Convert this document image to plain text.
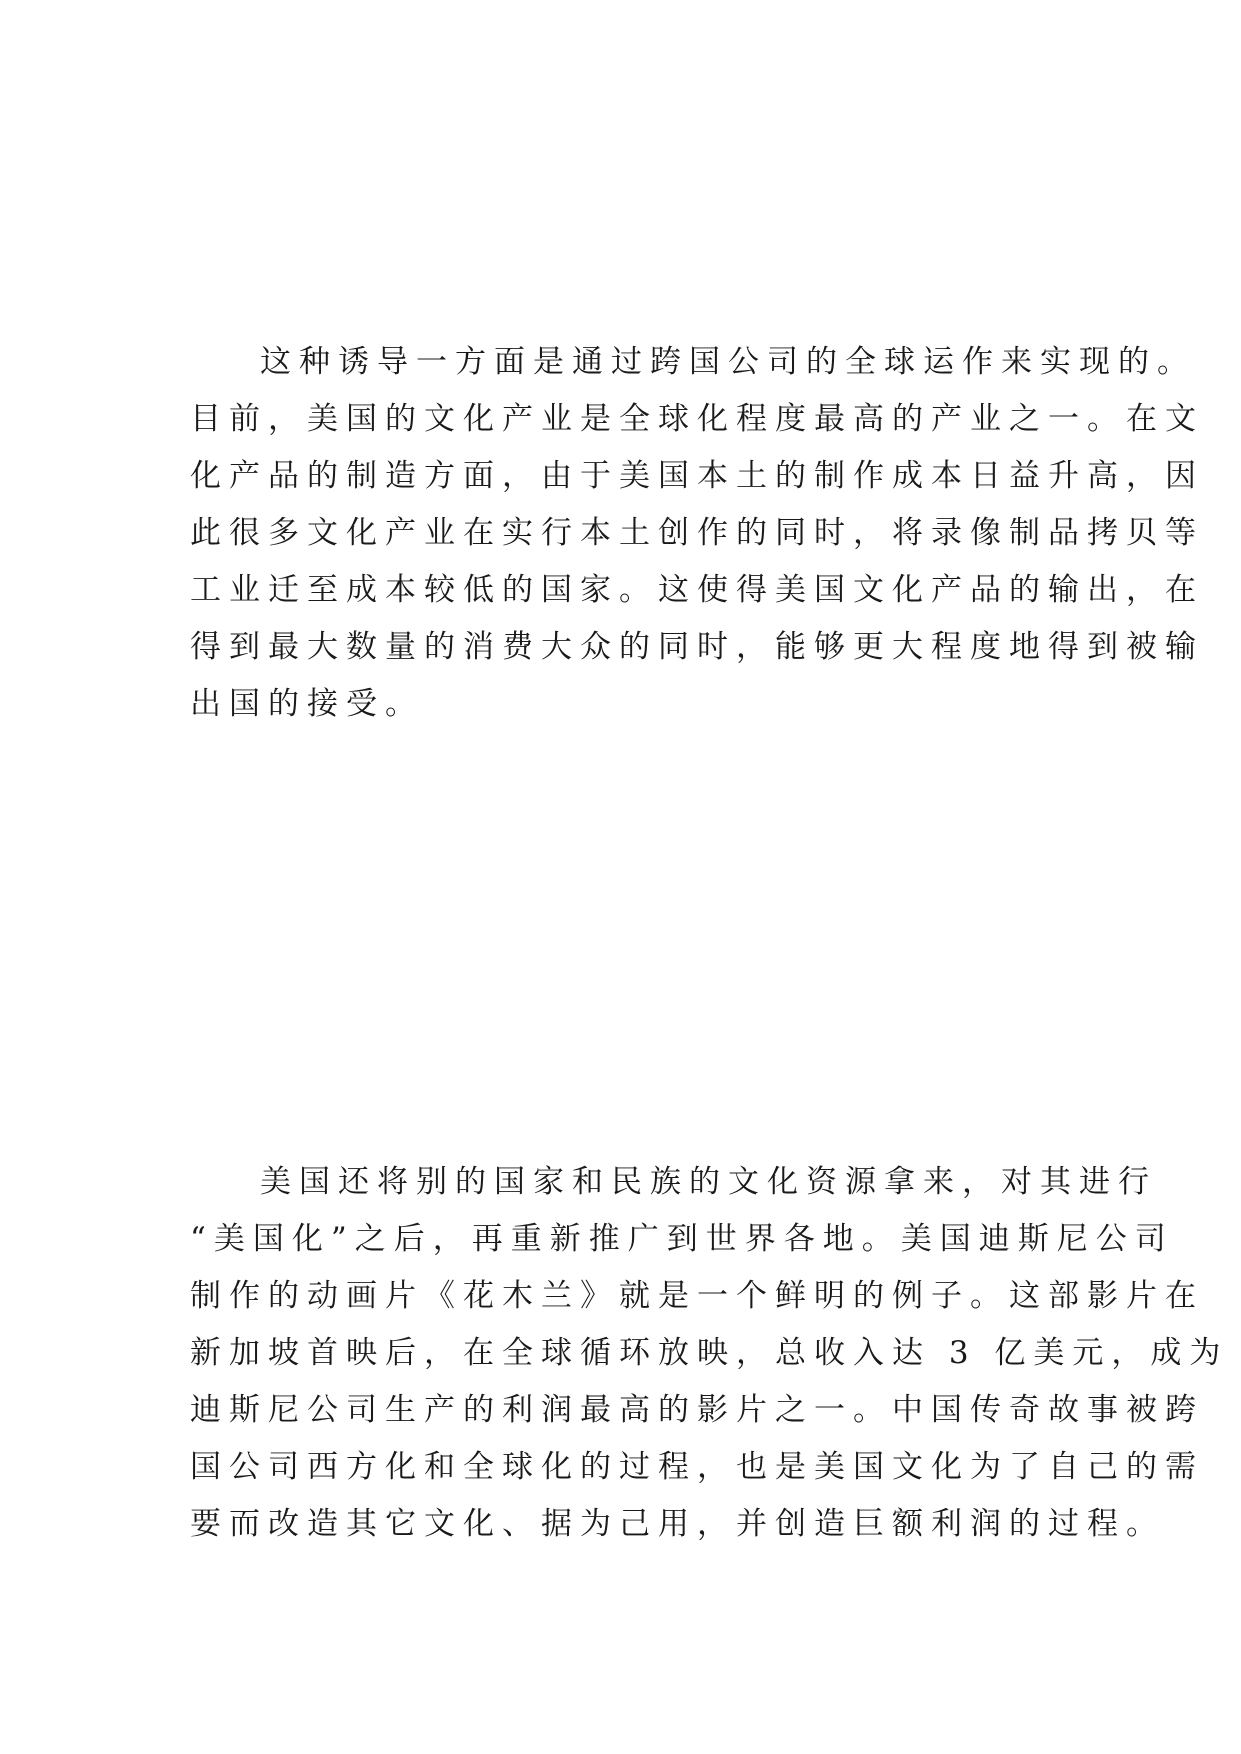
这种诱导一方面是通过跨国公司的全球运作来实现的。
目前，美国的文化产业是全球化程度最高的产业之一。在文
化产品的制造方面，由于美国本土的制作成本日益升高，因
此很多文化产业在实行本土创作的同时，将录像制品拷贝等
工业迁至成本较低的国家。这使得美国文化产品的输出，在
得到最大数量的消费大众的同时，能够更大程度地得到被输
出国的接受。

美国还将别的国家和民族的文化资源拿来，对其进行
“美国化”之后，再重新推广到世界各地。美国迪斯尼公司
制作的动画片《花木兰》就是一个鲜明的例子。这部影片在
新加坡首映后，在全球循环放映，总收入达 3 亿美元，成为
迪斯尼公司生产的利润最高的影片之一。中国传奇故事被跨
国公司西方化和全球化的过程，也是美国文化为了自己的需
要而改造其它文化、据为己用，并创造巨额利润的过程。
